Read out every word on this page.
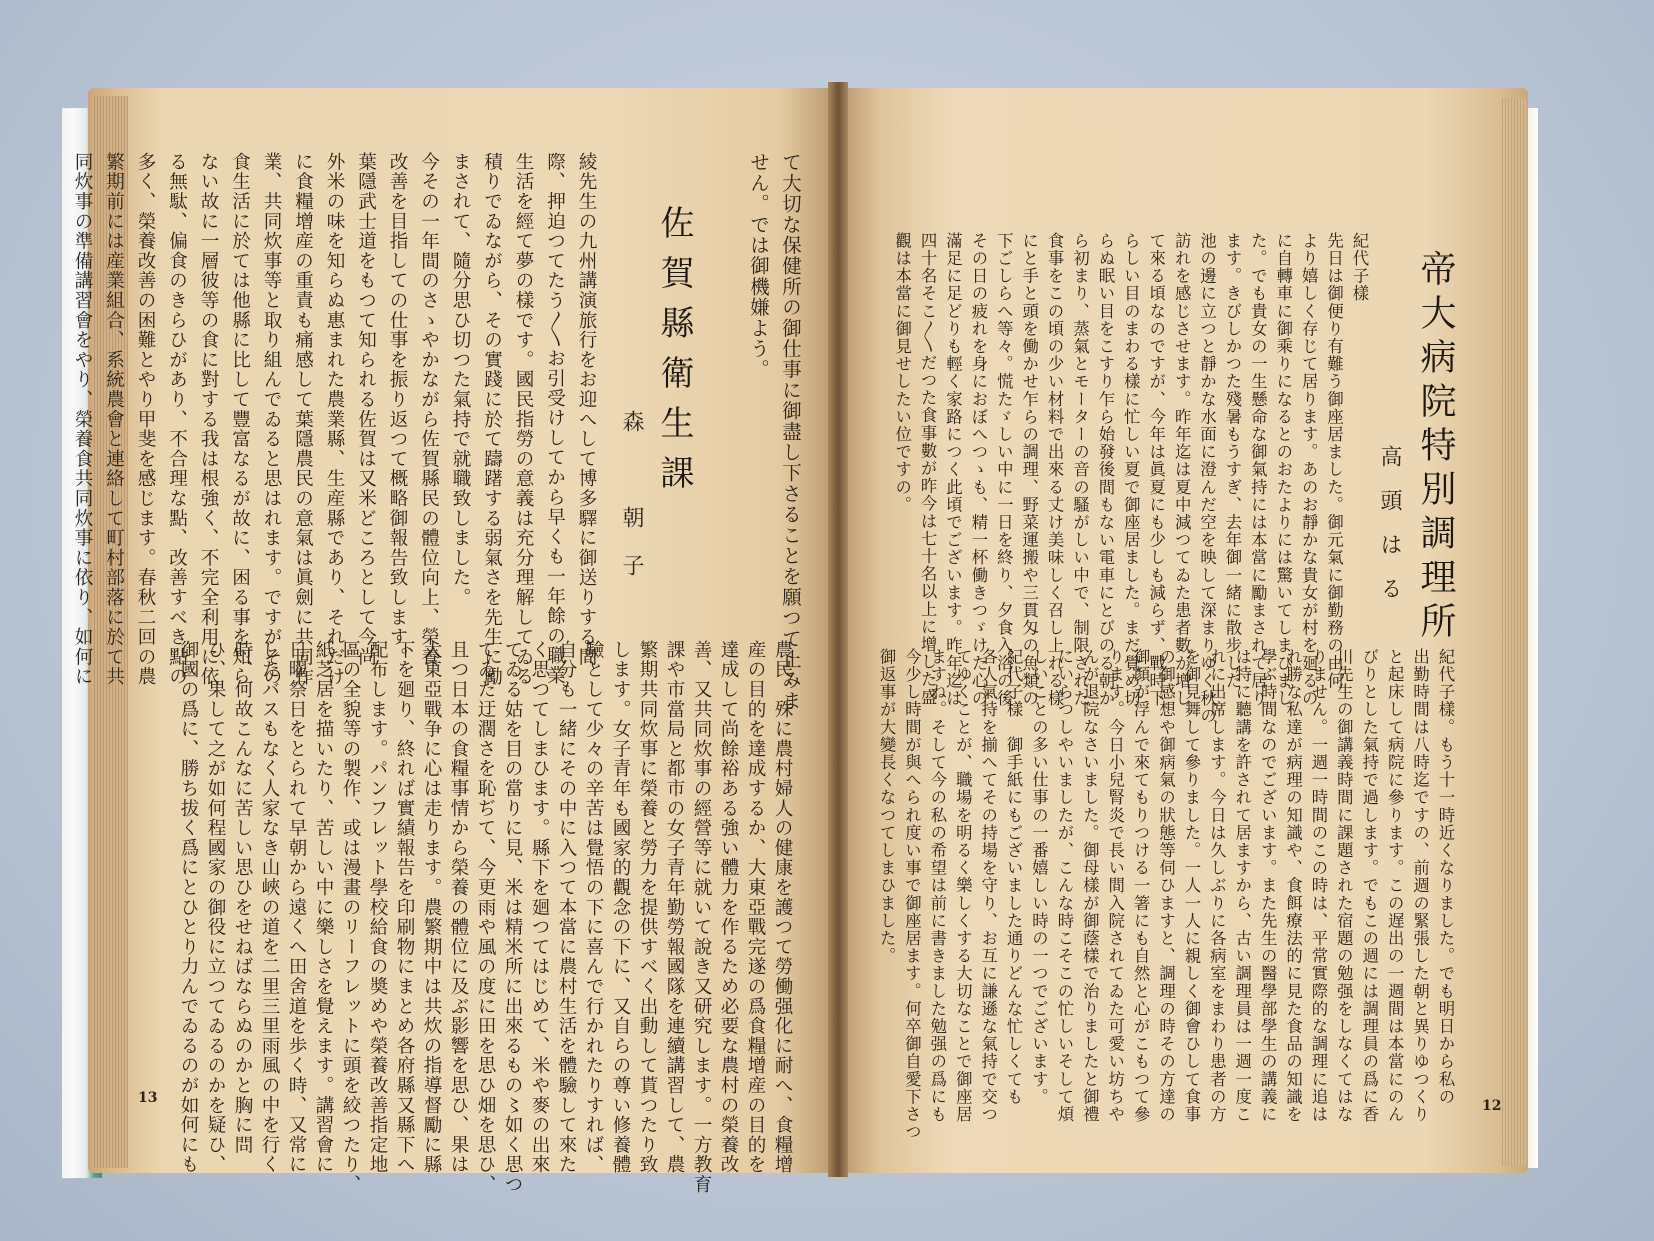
て大切な保健所の御仕事に御盡し下さることを願つて止みま

せん。では御機嫌よう。

佐賀縣衛生課
森　朝子

綾先生の九州講演旅行をお迎へして博多驛に御送りする間

際、押迫つてたう〳〵お引受けしてから早くも一年餘の職業

生活を經て夢の樣です。國民指勞の意義は充分理解してゐる

積りでゐながら、その實踐に於て躊躇する弱氣さを先生に勵

まされて、隨分思ひ切つた氣持で就職致しました。

今その一年間のさゝやかながら佐賀縣民の體位向上、榮養

改善を目指しての仕事を振り返つて概略御報告致します。

葉隱武士道をもつて知られる佐賀は又米どころとして今尚

外米の味を知らぬ惠まれた農業縣、生産縣であり、それだけ

に食糧增産の重責も痛感して葉隱農民の意氣は眞劍に共同作

業、共同炊事等と取り組んでゐると思はれます。ですがその

食生活に於ては他縣に比して豐富なるが故に、困る事を知ら

ない故に一層彼等の食に對する我は根強く、不完全利用に依

る無駄、偏食のきらひがあり、不合理な點、改善すべき點の

多く、榮養改善の困難とやり甲斐を感じます。春秋二回の農

繁期前には産業組合、系統農會と連絡して町村部落に於て共

同炊事の準備講習會をやり、榮養食共同炊事に依り、如何に

農民、殊に農村婦人の健康を護つて勞働强化に耐へ、食糧增

産の目的を達成するか、大東亞戰完遂の爲食糧增産の目的を

達成して尚餘裕ある強い體力を作るため必要な農村の榮養改

善、又共同炊事の經營等に就いて說き又研究します。一方教育

課や市當局と都市の女子青年勤勞報國隊を連續講習して、農

繁期共同炊事に榮養と勞力を提供すべく出動して貰つたり致

します。女子青年も國家的觀念の下に、又自らの尊い修養體

驗として少々の辛苦は覺悟の下に喜んで行かれたりすれば、

自分も一緒にその中に入つて本當に農村生活を體驗して來た

く思つてしまひます。縣下を廻つてはじめて、米や麥の出來

てゐる姑を目の當りに見、米は精米所に出來るもの〻如く思つ

てゐた迂濶さを恥ぢて、今更雨や風の度に田を思ひ畑を思ひ、

且つ日本の食糧事情から榮養の體位に及ぶ影響を思ひ、果は

大東亞戰争に心は走ります。農繁期中は共炊の指導督勵に縣

下を廻り、終れば實績報告を印刷物にまとめ各府縣又縣下へ

配布します。パンフレット學校給食の奬めや榮養改善指定地

區の全貌等の製作、或は漫畫のリーフレットに頭を絞つたり、

紙芝居を描いたり、苦しい中に樂しさを覺えます。講習會に

日曜祭日をとられて早朝から遠くへ田舍道を歩く時、又常に

したバスもなく人家なき山峽の道を二里三里雨風の中を行く

時、何故こんなに苦しい思ひをせねばならぬのかと胸に問

ひ、果して之が如何程國家の御役に立つてゐるのかを疑ひ、

御國の爲に、勝ち拔く爲にとひとり力んでゐるのが如何にも

13
帝大病院特別調理所
高頭はる

紀代子樣

先日は御便り有難う御座居ました。御元氣に御勤務の由何

より嬉しく存じて居ります。あのお靜かな貴女が村を廻るの

に自轉車に御乘りになるとのおたよりには驚いてしまひまし

た。でも貴女の一生懸命な御氣持には本當に勵まされて居り

ます。きびしかつた殘暑もうすぎ、去年御一緒に散步した

池の邊に立つと靜かな水面に澄んだ空を映して深まりゆく秋の

訪れを感じさせます。昨年迄は夏中減つてゐた患者數が增し

て來る頃なのですが、今年は眞夏にも少しも減らず、戰時下

らしい目のまわる樣に忙しい夏で御座居ました。まだ覺め切

らぬ眠い目をこすり乍ら始發後間もない電車にとびのる朝か

ら初まり、蒸氣とモーターの音の騷がしい中で、制限された

食事をこの頃の少い材料で出來る丈け美味しく召し上れる樣

にと手と頭を働かせ乍らの調理、野菜運搬や三貫匁の魚類の

下ごしらへ等々。慌たゞしい中に一日を終り、夕食入浴の後

その日の疲れを身におぼへつゝも、精一杯働きつゞけた心の

滿足に足どりも輕く家路につく此頃でございます。昨年迄は

四十名そこ〳〵だつた食事數が昨今は七十名以上に增した盛

觀は本當に御見せしたい位ですの。

紀代子樣。もう十一時近くなりました。でも明日から私の

出勤時間は八時迄ですの、前週の緊張した朝と異りゆつくり

と起床して病院に參ります。この遅出の一週間は本當にのん

びりとした氣持で過します。でもこの週には調理員の爲に香

川先生の御講義時間に課題された宿題の勉强をしなくてはな

りません。一週一時間のこの時は、平常實際的な調理に追は

れ勝な私達が病理の知識や、食餌療法的に見た食品の知識を

學ぶ時間なのでございます。また先生の醫學部學生の講義に

は特に聽講を許されて居ますから、古い調理員は一週一度こ

れに出席します。今日は久しぶりに各病室をまわり患者の方

を御見舞して參りました。一人一人に親しく御會ひして食事

の御感想や御病氣の狀態等伺ひますと、調理の時その方達の

御顏が浮んで來てもりつける一箸にも自然と心がこもつて參

ります。今日小兒腎炎で長い間入院されてゐた可愛い坊ちや

んが退院なさいました。御母樣が御蔭樣で治りましたと御禮

にいらつしやいましたが、こんな時こそこの忙しいそして煩

しいことの多い仕事の一番嬉しい時の一つでございます。

紀代子樣　御手紙にもございました通りどんな忙しくても

各人氣持を揃へてその持場を守り、お互に謙遜な氣持で交つ

てゆくことが、職場を明るく樂しくする大切なことで御座居

ますね。そして今の私の希望は前に書きました勉强の爲にも

今少し時間が與へられ度い事で御座居ます。何卒御自愛下さつ

御返事が大變長くなつてしまひました。

12
